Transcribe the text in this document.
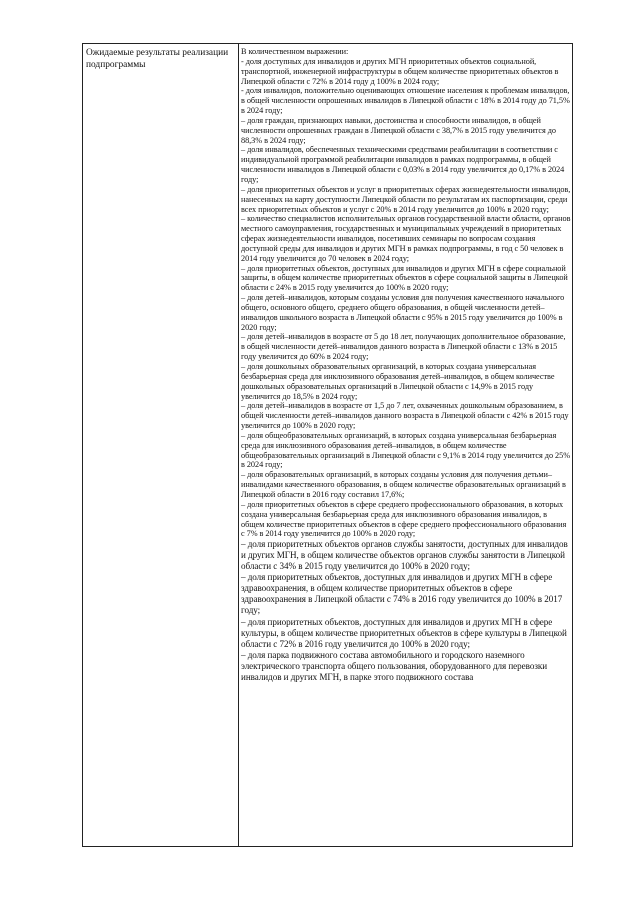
Ожидаемые результаты реализации подпрограммы

В количественном выражении:

- доля доступных для инвалидов и других МГН приоритетных объектов социальной, транспортной, инженерной инфраструктуры в общем количестве приоритетных объектов в Липецкой области с 72% в 2014 году д 100% в 2024 году;

- доля инвалидов, положительно оценивающих отношение населения к проблемам инвалидов, в общей численности опрошенных инвалидов в Липецкой области с 18% в 2014 году до 71,5% в 2024 году;

– доля граждан, признающих навыки, достоинства и способности инвалидов, в общей численности опрошенных граждан в Липецкой области с 38,7% в 2015 году увеличится до 88,3% в 2024 году;

– доля инвалидов, обеспеченных техническими средствами реабилитации в соответствии с индивидуальной программой реабилитации инвалидов в рамках подпрограммы, в общей численности инвалидов в Липецкой области с 0,03% в 2014 году увеличится до 0,17% в 2024 году;

– доля приоритетных объектов и услуг в приоритетных сферах жизнедеятельности инвалидов, нанесенных на карту доступности Липецкой области по результатам их паспортизации, среди всех приоритетных объектов и услуг с 20% в 2014 году увеличится до 100% в 2020 году;

– количество специалистов исполнительных органов государственной власти области, органов местного самоуправления, государственных и муниципальных учреждений в приоритетных сферах жизнедеятельности инвалидов, посетивших семинары по вопросам создания доступной среды для инвалидов и других МГН в рамках подпрограммы, в год с 50 человек в 2014 году увеличится до 70 человек в 2024 году;

– доля приоритетных объектов, доступных для инвалидов и других МГН в сфере социальной защиты, в общем количестве приоритетных объектов в сфере социальной защиты в Липецкой области с 24% в 2015 году увеличится до 100% в 2020 году;

– доля детей–инвалидов, которым созданы условия для получения качественного начального общего, основного общего, среднего общего образования, в общей численности детей–инвалидов школьного возраста в Липецкой области с 95% в 2015 году увеличится до 100% в 2020 году;

– доля детей–инвалидов в возрасте от 5 до 18 лет, получающих дополнительное образование, в общей численности детей–инвалидов данного возраста в Липецкой области с 13% в 2015 году увеличится до 60% в 2024 году;

– доля дошкольных образовательных организаций, в которых создана универсальная безбарьерная среда для инклюзивного образования детей–инвалидов, в общем количестве дошкольных образовательных организаций в Липецкой области с 14,9% в 2015 году увеличится до 18,5% в 2024 году;

– доля детей–инвалидов в возрасте от 1,5 до 7 лет, охваченных дошкольным образованием, в общей численности детей–инвалидов данного возраста в Липецкой области с 42% в 2015 году увеличится до 100% в 2020 году;

– доля общеобразовательных организаций, в которых создана универсальная безбарьерная среда для инклюзивного образования детей–инвалидов, в общем количестве общеобразовательных организаций в Липецкой области с 9,1% в 2014 году увеличится до 25% в 2024 году;

– доля образовательных организаций, в которых созданы условия для получения детьми–инвалидами качественного образования, в общем количестве образовательных организаций в Липецкой области в 2016 году составил 17,6%;

– доля приоритетных объектов в сфере среднего профессионального образования, в которых создана универсальная безбарьерная среда для инклюзивного образования инвалидов, в общем количестве приоритетных объектов в сфере среднего профессионального образования с 7% в 2014 году увеличится до 100% в 2020 году;

– доля приоритетных объектов органов службы занятости, доступных для инвалидов и других МГН, в общем количестве объектов органов службы занятости в Липецкой области с 34% в 2015 году увеличится до 100% в 2020 году;

– доля приоритетных объектов, доступных для инвалидов и других МГН в сфере здравоохранения, в общем количестве приоритетных объектов в сфере здравоохранения в Липецкой области с 74% в 2016 году увеличится до 100% в 2017 году;

– доля приоритетных объектов, доступных для инвалидов и других МГН в сфере культуры, в общем количестве приоритетных объектов в сфере культуры в Липецкой области с 72% в 2016 году увеличится до 100% в 2020 году;

– доля парка подвижного состава автомобильного и городского наземного электрического транспорта общего пользования, оборудованного для перевозки инвалидов и других МГН, в парке этого подвижного состава
